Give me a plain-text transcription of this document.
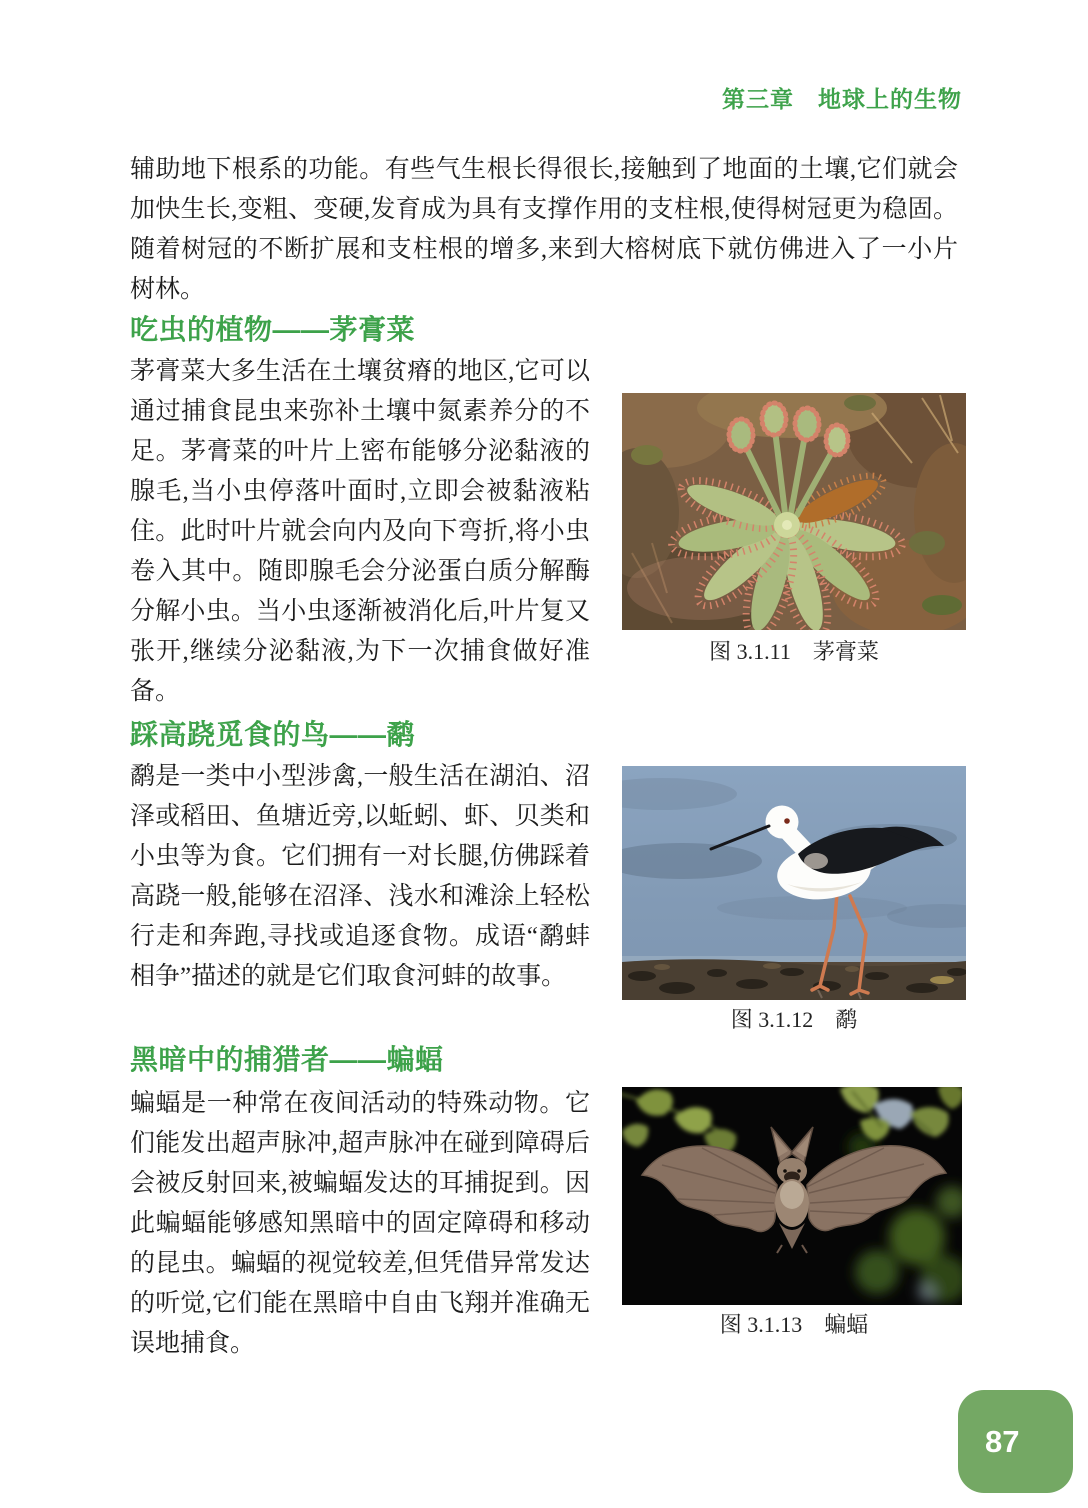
第三章　地球上的生物
辅助地下根系的功能。有些气生根长得很长,接触到了地面的土壤,它们就会加快生长,变粗、变硬,发育成为具有支撑作用的支柱根,使得树冠更为稳固。随着树冠的不断扩展和支柱根的增多,来到大榕树底下就仿佛进入了一小片树林。
吃虫的植物——茅膏菜
茅膏菜大多生活在土壤贫瘠的地区,它可以通过捕食昆虫来弥补土壤中氮素养分的不足。茅膏菜的叶片上密布能够分泌黏液的腺毛,当小虫停落叶面时,立即会被黏液粘住。此时叶片就会向内及向下弯折,将小虫卷入其中。随即腺毛会分泌蛋白质分解酶分解小虫。当小虫逐渐被消化后,叶片复又张开,继续分泌黏液,为下一次捕食做好准备。
图 3.1.11　茅膏菜
踩高跷觅食的鸟——鹬
鹬是一类中小型涉禽,一般生活在湖泊、沼泽或稻田、鱼塘近旁,以蚯蚓、虾、贝类和小虫等为食。它们拥有一对长腿,仿佛踩着高跷一般,能够在沼泽、浅水和滩涂上轻松行走和奔跑,寻找或追逐食物。成语“鹬蚌相争”描述的就是它们取食河蚌的故事。
图 3.1.12　鹬
黑暗中的捕猎者——蝙蝠
蝙蝠是一种常在夜间活动的特殊动物。它们能发出超声脉冲,超声脉冲在碰到障碍后会被反射回来,被蝙蝠发达的耳捕捉到。因此蝙蝠能够感知黑暗中的固定障碍和移动的昆虫。蝙蝠的视觉较差,但凭借异常发达的听觉,它们能在黑暗中自由飞翔并准确无误地捕食。
图 3.1.13　蝙蝠
87
